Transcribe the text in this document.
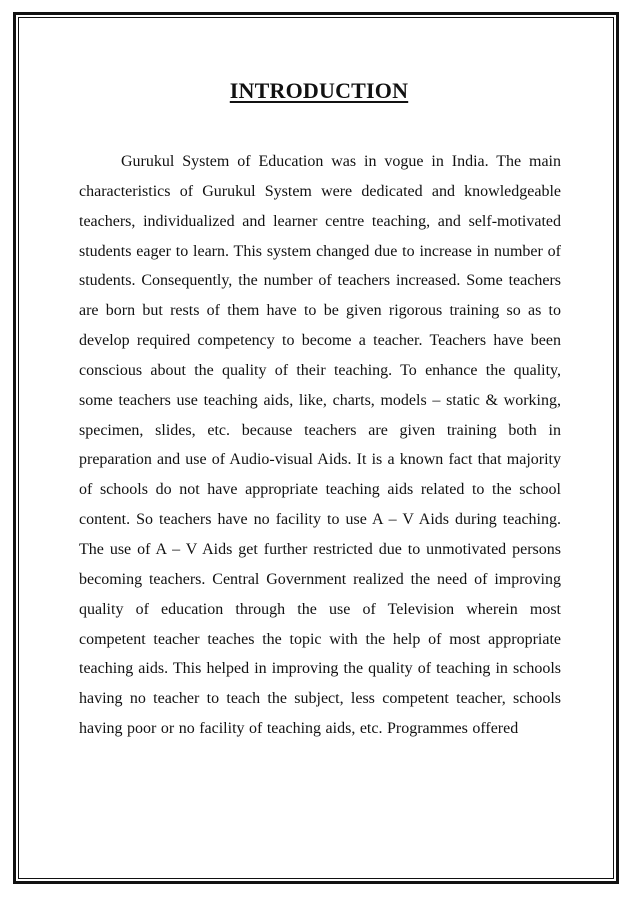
INTRODUCTION

Gurukul System of Education was in vogue in India. The main characteristics of Gurukul System were dedicated and knowledgeable teachers, individualized and learner centre teaching, and self-motivated students eager to learn. This system changed due to increase in number of students. Consequently, the number of teachers increased. Some teachers are born but rests of them have to be given rigorous training so as to develop required competency to become a teacher. Teachers have been conscious about the quality of their teaching. To enhance the quality, some teachers use teaching aids, like, charts, models – static & working, specimen, slides, etc. because teachers are given training both in preparation and use of Audio-visual Aids. It is a known fact that majority of schools do not have appropriate teaching aids related to the school content. So teachers have no facility to use A – V Aids during teaching. The use of A – V Aids get further restricted due to unmotivated persons becoming teachers. Central Government realized the need of improving quality of education through the use of Television wherein most competent teacher teaches the topic with the help of most appropriate teaching aids. This helped in improving the quality of teaching in schools having no teacher to teach the subject, less competent teacher, schools having poor or no facility of teaching aids, etc. Programmes offered
